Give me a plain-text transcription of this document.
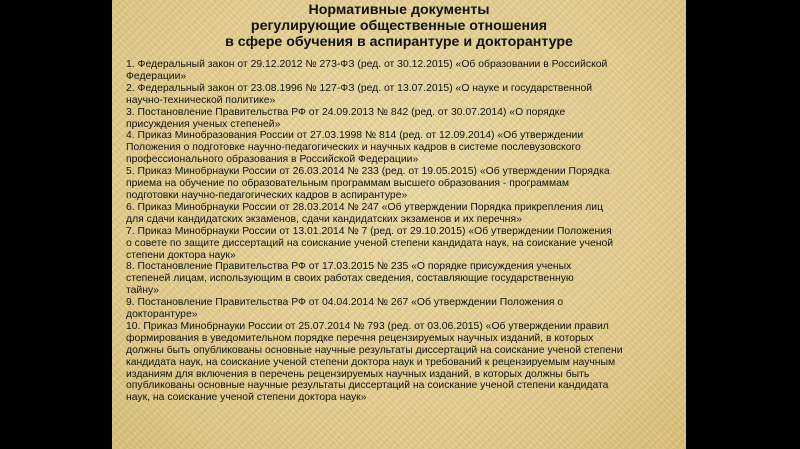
Нормативные документы
регулирующие общественные отношения
в сфере обучения в аспирантуре и докторантуре
1. Федеральный закон от 29.12.2012 № 273-ФЗ (ред. от 30.12.2015) «Об образовании в Российской
Федерации»
2. Федеральный закон от 23.08.1996 № 127-ФЗ (ред. от 13.07.2015) «О науке и государственной
научно-технической политике»
3. Постановление Правительства РФ от 24.09.2013 № 842 (ред. от 30.07.2014) «О порядке
присуждения ученых степеней»
4. Приказ Минобразования России от 27.03.1998 № 814 (ред. от 12.09.2014) «Об утверждении
Положения о подготовке научно-педагогических и научных кадров в системе послевузовского
профессионального образования в Российской Федерации»
5. Приказ Минобрнауки России от 26.03.2014 № 233 (ред. от 19.05.2015) «Об утверждении Порядка
приема на обучение по образовательным программам высшего образования - программам
подготовки научно-педагогических кадров в аспирантуре»
6. Приказ Минобрнауки России от 28.03.2014 № 247 «Об утверждении Порядка прикрепления лиц
для сдачи кандидатских экзаменов, сдачи кандидатских экзаменов и их перечня»
7. Приказ Минобрнауки России от 13.01.2014 № 7 (ред. от 29.10.2015) «Об утверждении Положения
о совете по защите диссертаций на соискание ученой степени кандидата наук, на соискание ученой
степени доктора наук»
8. Постановление Правительства РФ от 17.03.2015 № 235 «О порядке присуждения ученых
степеней лицам, использующим в своих работах сведения, составляющие государственную
тайну»
9. Постановление Правительства РФ от 04.04.2014 № 267 «Об утверждении Положения о
докторантуре»
10. Приказ Минобрнауки России от 25.07.2014 № 793 (ред. от 03.06.2015) «Об утверждении правил
формирования в уведомительном порядке перечня рецензируемых научных изданий, в которых
должны быть опубликованы основные научные результаты диссертаций на соискание ученой степени
кандидата наук, на соискание ученой степени доктора наук и требований к рецензируемым научным
изданиям для включения в перечень рецензируемых научных изданий, в которых должны быть
опубликованы основные научные результаты диссертаций на соискание ученой степени кандидата
наук, на соискание ученой степени доктора наук»
